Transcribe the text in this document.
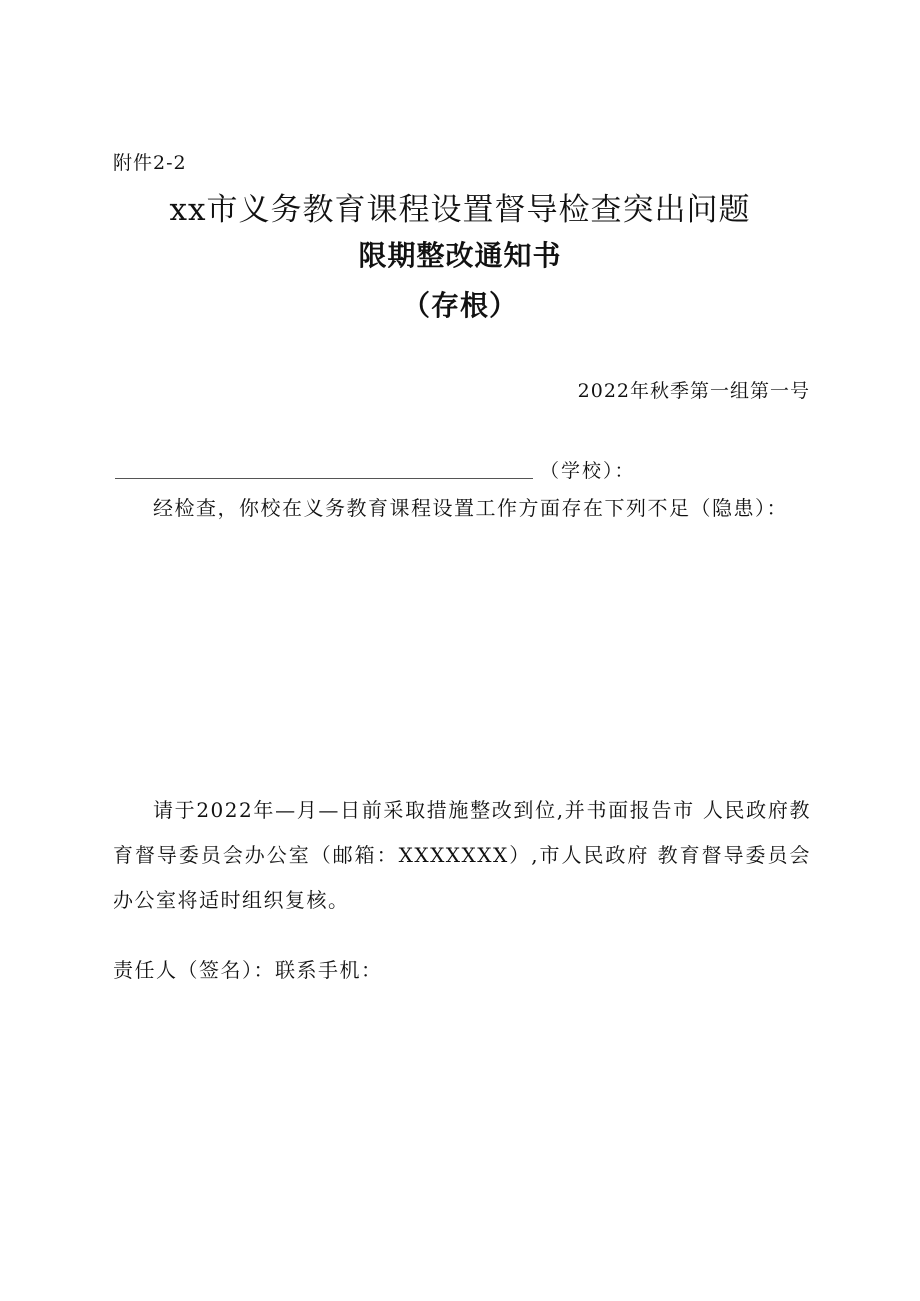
附件2-2
xx市义务教育课程设置督导检查突出问题
限期整改通知书
（存根）
2022年秋季第一组第一号
（学校）：

经检查，你校在义务教育课程设置工作方面存在下列不足（隐患）：

请于2022年—月—日前采取措施整改到位,并书面报告市 人民政府教育督导委员会办公室（邮箱：XXXXXXX）,市人民政府 教育督导委员会办公室将适时组织复核。

责任人（签名）：联系手机：
